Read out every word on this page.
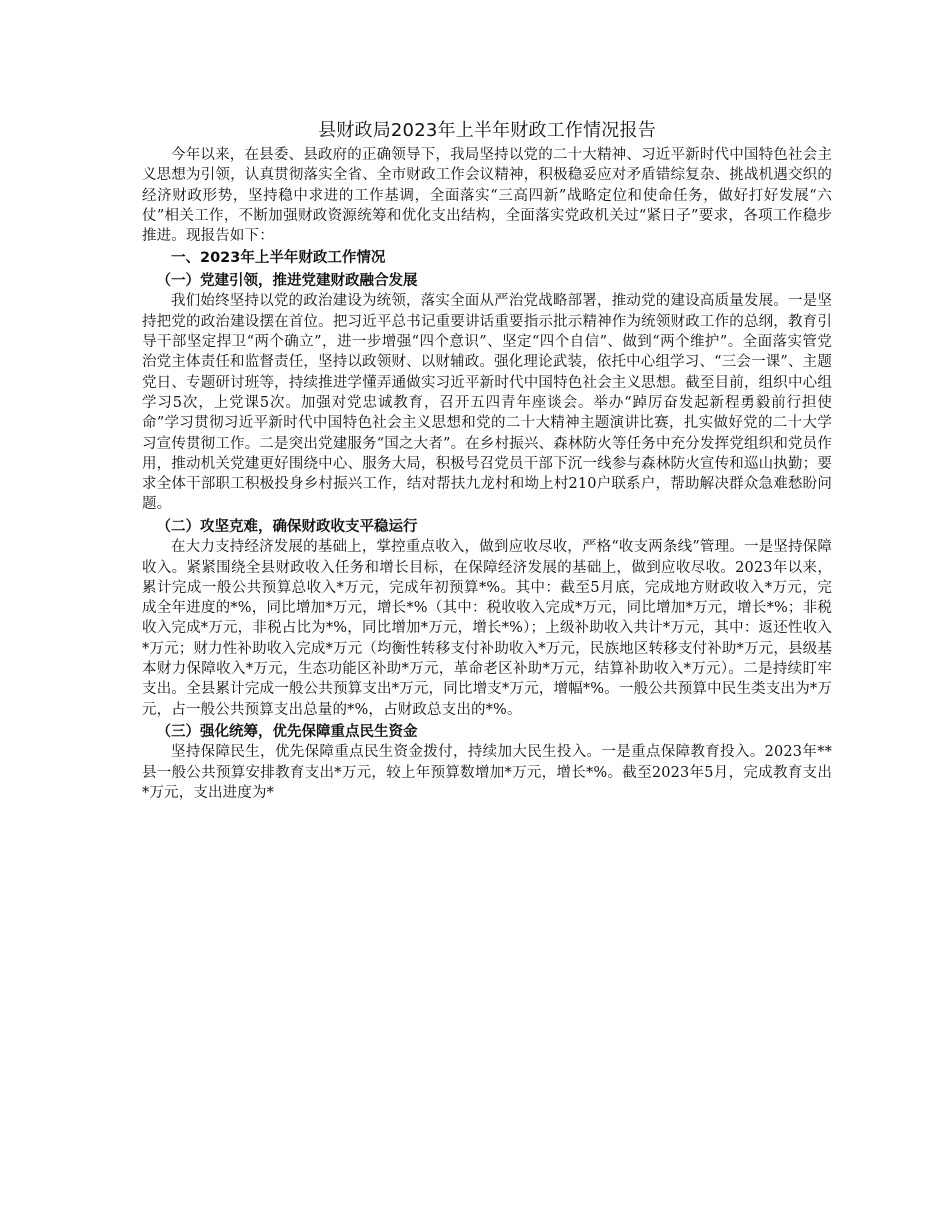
县财政局2023年上半年财政工作情况报告

今年以来，在县委、县政府的正确领导下，我局坚持以党的二十大精神、习近平新时代中国特色社会主义思想为引领，认真贯彻落实全省、全市财政工作会议精神，积极稳妥应对矛盾错综复杂、挑战机遇交织的经济财政形势，坚持稳中求进的工作基调，全面落实“三高四新”战略定位和使命任务，做好打好发展“六仗”相关工作，不断加强财政资源统筹和优化支出结构，全面落实党政机关过“紧日子”要求，各项工作稳步推进。现报告如下：

一、2023年上半年财政工作情况
（一）党建引领，推进党建财政融合发展

我们始终坚持以党的政治建设为统领，落实全面从严治党战略部署，推动党的建设高质量发展。一是坚持把党的政治建设摆在首位。把习近平总书记重要讲话重要指示批示精神作为统领财政工作的总纲，教育引导干部坚定捍卫“两个确立”，进一步增强“四个意识”、坚定“四个自信”、做到“两个维护”。全面落实管党治党主体责任和监督责任，坚持以政领财、以财辅政。强化理论武装，依托中心组学习、“三会一课”、主题党日、专题研讨班等，持续推进学懂弄通做实习近平新时代中国特色社会主义思想。截至目前，组织中心组学习5次，上党课5次。加强对党忠诚教育，召开五四青年座谈会。举办“踔厉奋发起新程勇毅前行担使命”学习贯彻习近平新时代中国特色社会主义思想和党的二十大精神主题演讲比赛，扎实做好党的二十大学习宣传贯彻工作。二是突出党建服务“国之大者”。在乡村振兴、森林防火等任务中充分发挥党组织和党员作用，推动机关党建更好围绕中心、服务大局，积极号召党员干部下沉一线参与森林防火宣传和巡山执勤；要求全体干部职工积极投身乡村振兴工作，结对帮扶九龙村和坳上村210户联系户，帮助解决群众急难愁盼问题。

（二）攻坚克难，确保财政收支平稳运行

在大力支持经济发展的基础上，掌控重点收入，做到应收尽收，严格“收支两条线”管理。一是坚持保障收入。紧紧围绕全县财政收入任务和增长目标，在保障经济发展的基础上，做到应收尽收。2023年以来，累计完成一般公共预算总收入*万元，完成年初预算*%。其中：截至5月底，完成地方财政收入*万元，完成全年进度的*%，同比增加*万元，增长*%（其中：税收收入完成*万元，同比增加*万元，增长*%；非税收入完成*万元，非税占比为*%，同比增加*万元，增长*%）；上级补助收入共计*万元，其中：返还性收入*万元；财力性补助收入完成*万元（均衡性转移支付补助收入*万元，民族地区转移支付补助*万元，县级基本财力保障收入*万元，生态功能区补助*万元，革命老区补助*万元，结算补助收入*万元）。二是持续盯牢支出。全县累计完成一般公共预算支出*万元，同比增支*万元，增幅*%。一般公共预算中民生类支出为*万元，占一般公共预算支出总量的*%，占财政总支出的*%。

（三）强化统筹，优先保障重点民生资金

坚持保障民生，优先保障重点民生资金拨付，持续加大民生投入。一是重点保障教育投入。2023年**县一般公共预算安排教育支出*万元，较上年预算数增加*万元，增长*%。截至2023年5月，完成教育支出*万元，支出进度为*
